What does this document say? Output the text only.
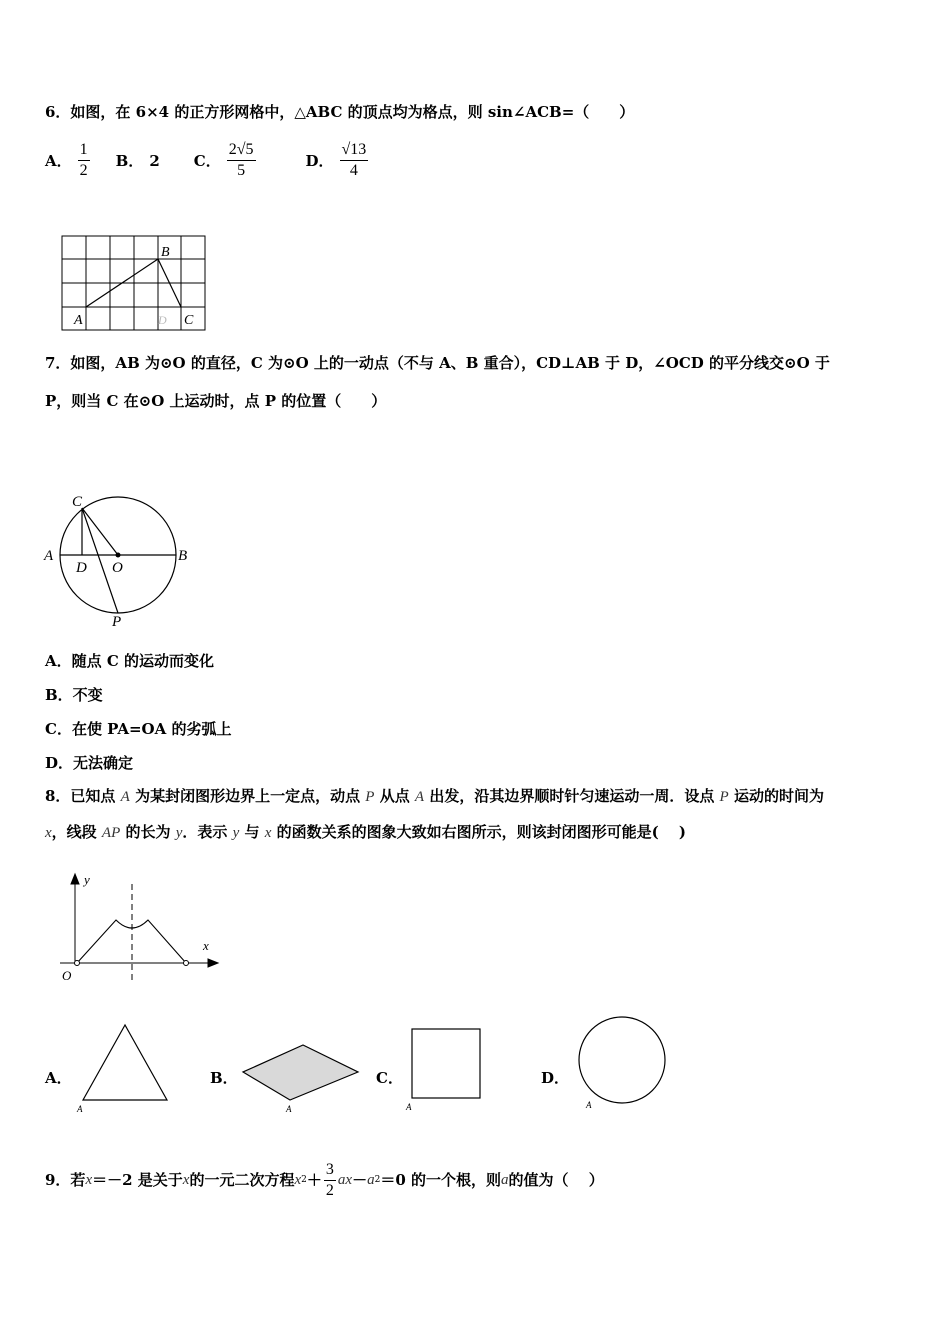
6．如图，在 6×4 的正方形网格中，△ABC 的顶点均为格点，则 sin∠ACB=（　　）
A． $\frac{1}{2}$ B． 2 C． $\frac{2√5}{5}$	D． $\frac{√13}{4}$
A
B
C
D
7．如图，AB 为⊙O 的直径，C 为⊙O 上的一动点（不与 A、B 重合），CD⊥AB 于 D，∠OCD 的平分线交⊙O 于
P，则当 C 在⊙O 上运动时，点 P 的位置（　　）
C
A	B
D O
P
A．随点 C 的运动而变化
B．不变
C．在使 PA=OA 的劣弧上
D．无法确定
8．已知点 A 为某封闭图形边界上一定点，动点 P 从点 A 出发，沿其边界顺时针匀速运动一周．设点 P 运动的时间为
x，线段 AP 的长为 y．表示 y 与 x 的函数关系的图象大致如右图所示，则该封闭图形可能是(　 )
y
x
O
A．
A
B．
A
C．
A
D．
A
9．若 x ＝－2 是关于 x 的一元二次方程 x $2 + \frac{3}{2}$ ax － a 2 ＝0 的一个根，则 a 的值为（　 ）
